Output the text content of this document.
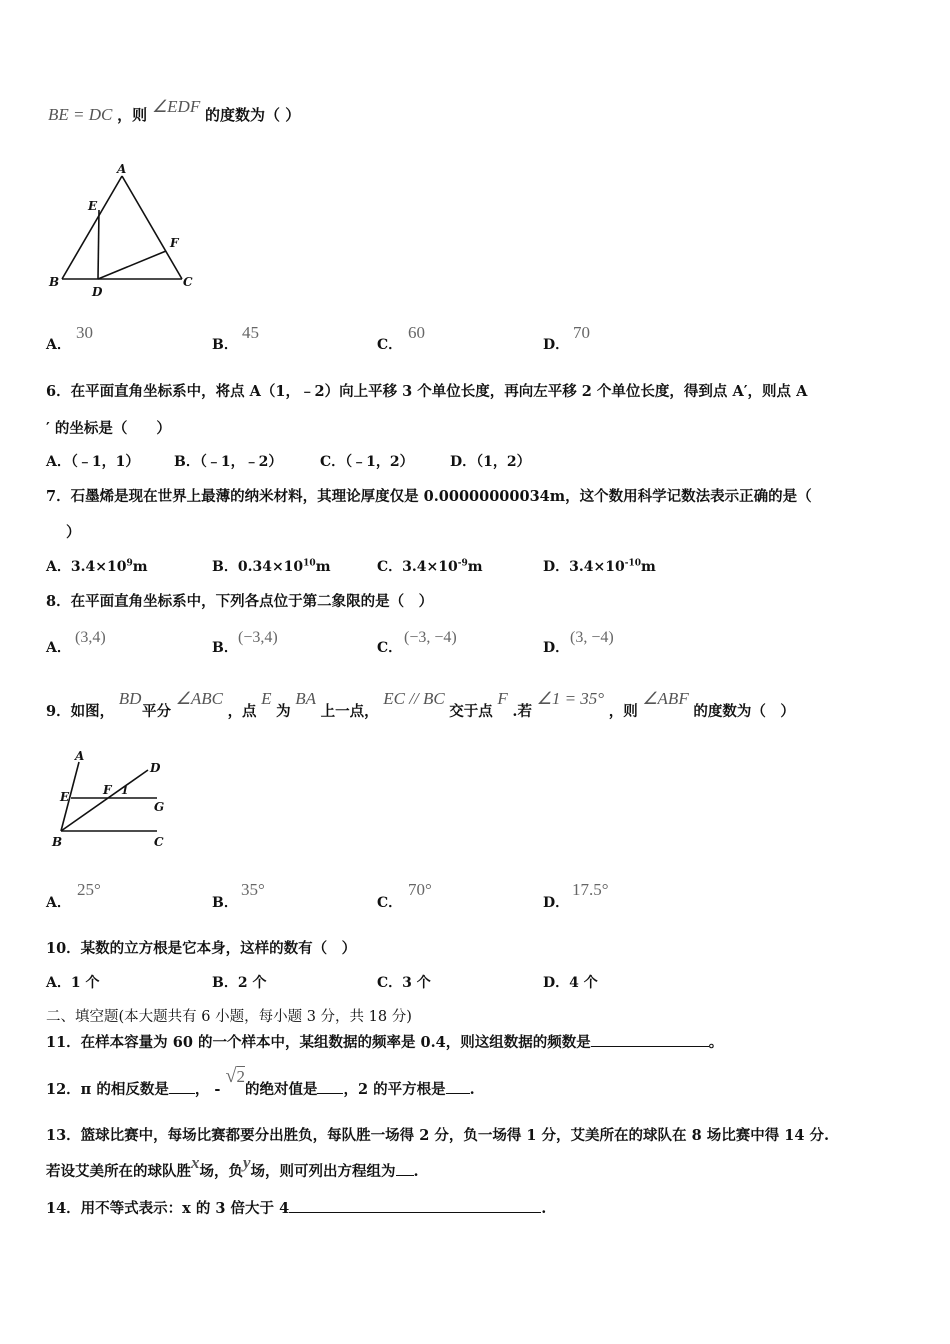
BE = DC ，则 ∠EDF 的度数为（ ）
A
E
F
B
D
C
A．
30
B．
45
C．
60
D．
70
6．在平面直角坐标系中，将点 A（1，﹣2）向上平移 3 个单位长度，再向左平移 2 个单位长度，得到点 A′，则点 A
′ 的坐标是（　　）
A．（﹣1，1） B．（﹣1，﹣2）	C．（﹣1，2）	D．（1，2）
7．石墨烯是现在世界上最薄的纳米材料，其理论厚度仅是 0.00000000034m，这个数用科学记数法表示正确的是（
）
A．$3.4\times 10^9m$	B．$0.34\times 10^{10}m$	C．$3.4\times 10^{-9}m$	D．$3.4\times 10^{-10}m$
8．在平面直角坐标系中，下列各点位于第二象限的是（　）
A．
(3,4)
B．
(−3,4)
C．
(−3, −4)
D．
(3, −4)
9．如图， BD 平分 ∠ABC ，点 E 为 BA 上一点， EC // BC 交于点 F .若 ∠1 = 35° ，则 ∠ABF 的度数为（　）
A
D
E	F 1
G
B	C
A．
25°
B．
35°
C．
70°
D．
17.5°
10．某数的立方根是它本身，这样的数有（　）
A．1 个	B．2 个	C．3 个	D．4 个
二、填空题(本大题共有 6 小题，每小题 3 分，共 18 分)
11．在样本容量为 60 的一个样本中，某组数据的频率是 0.4，则这组数据的频数是	。
12．π 的相反数是 ， - √2的绝对值是 ，2 的平方根是 .
13．篮球比赛中，每场比赛都要分出胜负，每队胜一场得 2 分，负一场得 1 分，艾美所在的球队在 8 场比赛中得 14 分.
若设艾美所在的球队胜x场，负y场，则可列出方程组为 .
14．用不等式表示：x 的 3 倍大于 4	.
